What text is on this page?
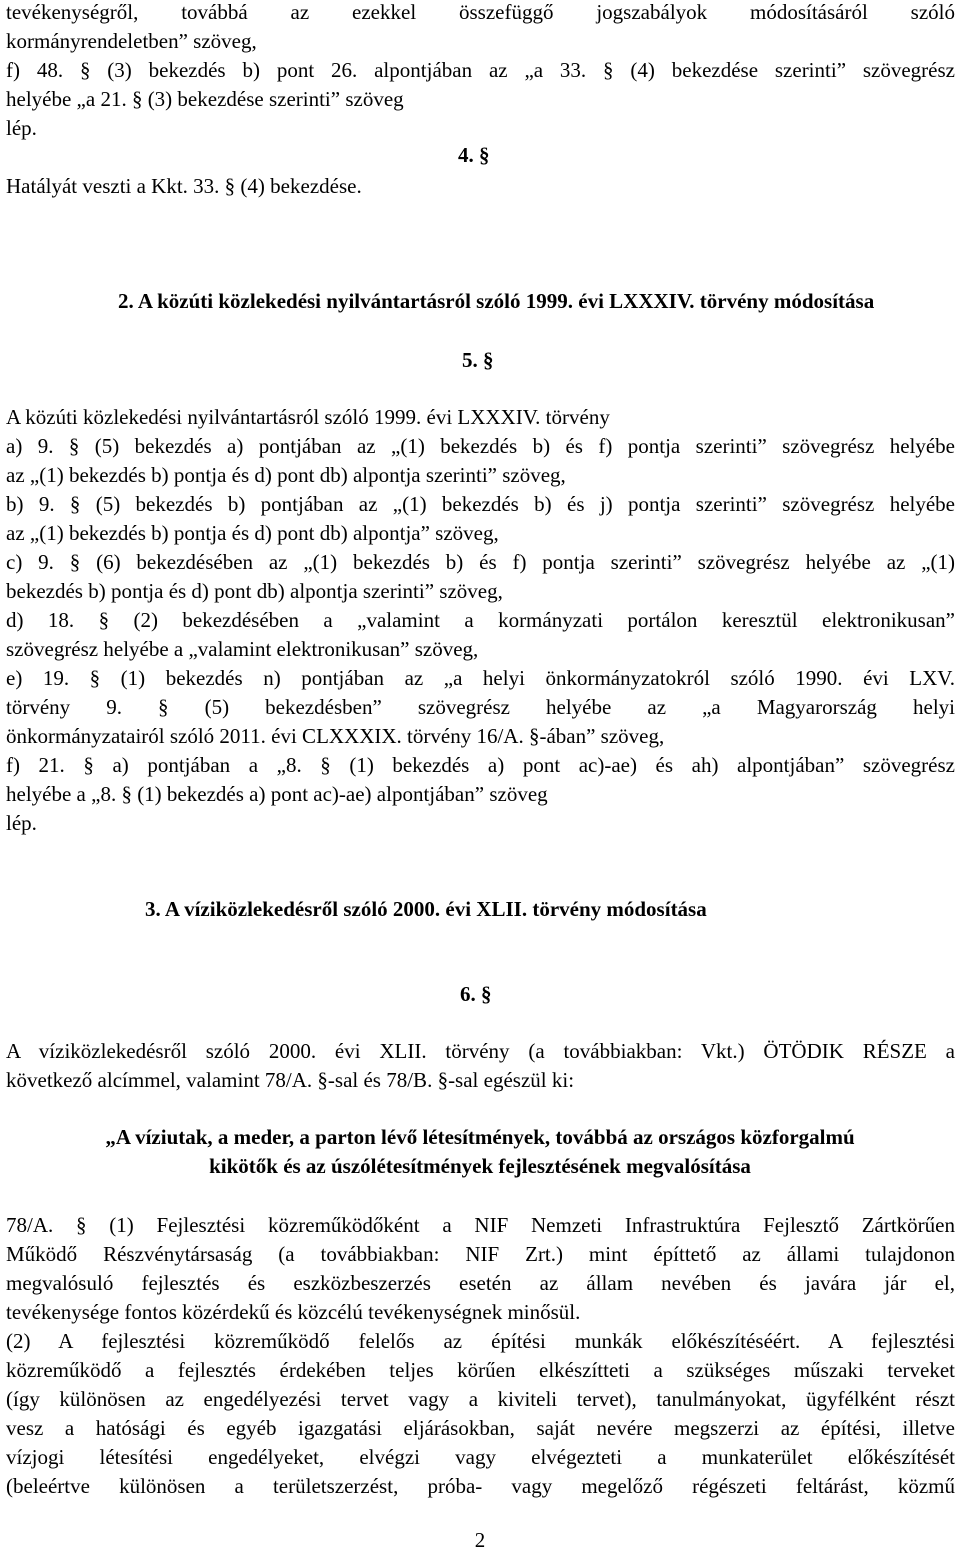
tevékenységről, továbbá az ezekkel összefüggő jogszabályok módosításáról szóló
kormányrendeletben” szöveg,
f) 48. § (3) bekezdés b) pont 26. alpontjában az „a 33. § (4) bekezdése szerinti” szövegrész
helyébe „a 21. § (3) bekezdése szerinti” szöveg
lép.
4. §
Hatályát veszti a Kkt. 33. § (4) bekezdése.
2. A közúti közlekedési nyilvántartásról szóló 1999. évi LXXXIV. törvény módosítása
5. §
A közúti közlekedési nyilvántartásról szóló 1999. évi LXXXIV. törvény
a) 9. § (5) bekezdés a) pontjában az „(1) bekezdés b) és f) pontja szerinti” szövegrész helyébe
az „(1) bekezdés b) pontja és d) pont db) alpontja szerinti” szöveg,
b) 9. § (5) bekezdés b) pontjában az „(1) bekezdés b) és j) pontja szerinti” szövegrész helyébe
az „(1) bekezdés b) pontja és d) pont db) alpontja” szöveg,
c) 9. § (6) bekezdésében az „(1) bekezdés b) és f) pontja szerinti” szövegrész helyébe az „(1)
bekezdés b) pontja és d) pont db) alpontja szerinti” szöveg,
d) 18. § (2) bekezdésében a „valamint a kormányzati portálon keresztül elektronikusan”
szövegrész helyébe a „valamint elektronikusan” szöveg,
e) 19. § (1) bekezdés n) pontjában az „a helyi önkormányzatokról szóló 1990. évi LXV.
törvény 9. § (5) bekezdésben” szövegrész helyébe az „a Magyarország helyi
önkormányzatairól szóló 2011. évi CLXXXIX. törvény 16/A. §-ában” szöveg,
f) 21. § a) pontjában a „8. § (1) bekezdés a) pont ac)-ae) és ah) alpontjában” szövegrész
helyébe a „8. § (1) bekezdés a) pont ac)-ae) alpontjában” szöveg
lép.
3. A víziközlekedésről szóló 2000. évi XLII. törvény módosítása
6. §
A víziközlekedésről szóló 2000. évi XLII. törvény (a továbbiakban: Vkt.) ÖTÖDIK RÉSZE a
következő alcímmel, valamint 78/A. §-sal és 78/B. §-sal egészül ki:
„A víziutak, a meder, a parton lévő létesítmények, továbbá az országos közforgalmú
kikötők és az úszólétesítmények fejlesztésének megvalósítása
78/A. § (1) Fejlesztési közreműködőként a NIF Nemzeti Infrastruktúra Fejlesztő Zártkörűen
Működő Részvénytársaság (a továbbiakban: NIF Zrt.) mint építtető az állami tulajdonon
megvalósuló fejlesztés és eszközbeszerzés esetén az állam nevében és javára jár el,
tevékenysége fontos közérdekű és közcélú tevékenységnek minősül.
(2) A fejlesztési közreműködő felelős az építési munkák előkészítéséért. A fejlesztési
közreműködő a fejlesztés érdekében teljes körűen elkészítteti a szükséges műszaki terveket
(így különösen az engedélyezési tervet vagy a kiviteli tervet), tanulmányokat, ügyfélként részt
vesz a hatósági és egyéb igazgatási eljárásokban, saját nevére megszerzi az építési, illetve
vízjogi létesítési engedélyeket, elvégzi vagy elvégezteti a munkaterület előkészítését
(beleértve különösen a területszerzést, próba- vagy megelőző régészeti feltárást, közmű
2
